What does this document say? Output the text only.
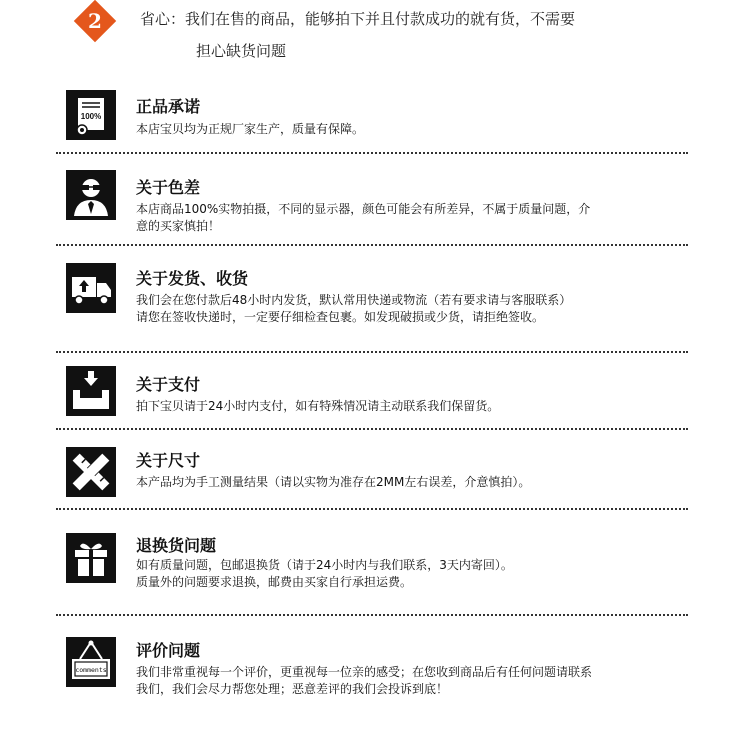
2	省心：我们在售的商品，能够拍下并且付款成功的就有货，不需要
担心缺货问题
100%
正品承诺
本店宝贝均为正规厂家生产，质量有保障。
关于色差
本店商品100%实物拍摄，不同的显示器，颜色可能会有所差异，不属于质量问题，介
意的买家慎拍！
关于发货、收货
我们会在您付款后48小时内发货，默认常用快递或物流（若有要求请与客服联系）
请您在签收快递时，一定要仔细检查包裹。如发现破损或少货，请拒绝签收。
关于支付
拍下宝贝请于24小时内支付，如有特殊情况请主动联系我们保留货。
关于尺寸
本产品均为手工测量结果（请以实物为准存在2MM左右误差，介意慎拍）。
退换货问题
如有质量问题，包邮退换货（请于24小时内与我们联系，3天内寄回）。
质量外的问题要求退换，邮费由买家自行承担运费。
comments
评价问题
我们非常重视每一个评价，更重视每一位亲的感受；在您收到商品后有任何问题请联系
我们，我们会尽力帮您处理；恶意差评的我们会投诉到底！
